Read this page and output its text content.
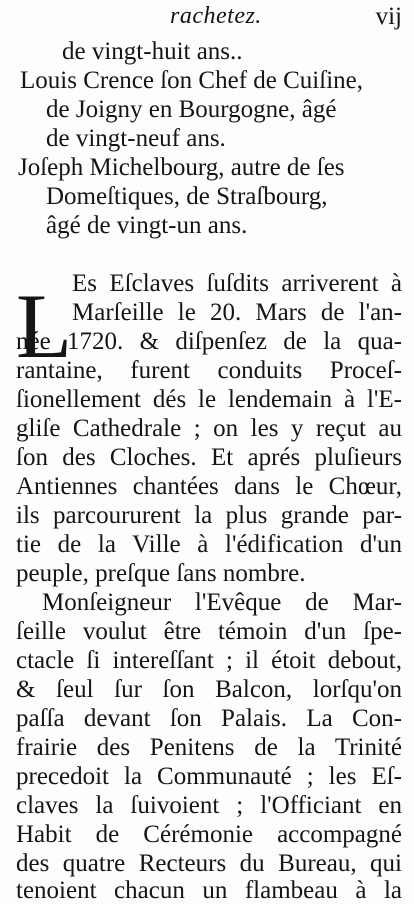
rachetez.	vij
de vingt-huit ans..
Louis Crence ſon Chef de Cuiſine,
de Joigny en Bourgogne, âgé
de vingt-neuf ans.
Joſeph Michelbourg, autre de ſes
Domeſtiques, de Straſbourg,
âgé de vingt-un ans.
L Es Eſclaves ſuſdits arriverent à
Marſeille le 20. Mars de l'an-
née 1720. & diſpenſez de la qua-
rantaine, furent conduits Proceſ-
ſionellement dés le lendemain à l'E-
gliſe Cathedrale ; on les y reçut au
ſon des Cloches. Et aprés pluſieurs
Antiennes chantées dans le Chœur,
ils parcoururent la plus grande par-
tie de la Ville à l'édification d'un
peuple, preſque ſans nombre.
Monſeigneur l'Evêque de Mar-
ſeille voulut être témoin d'un ſpe-
ctacle ſi intereſſant ; il étoit debout,
& ſeul ſur ſon Balcon, lorſqu'on
paſſa devant ſon Palais. La Con-
frairie des Penitens de la Trinité
precedoit la Communauté ; les Eſ-
claves la ſuivoient ; l'Officiant en
Habit de Cérémonie accompagné
des quatre Recteurs du Bureau, qui
tenoient chacun un flambeau à la
